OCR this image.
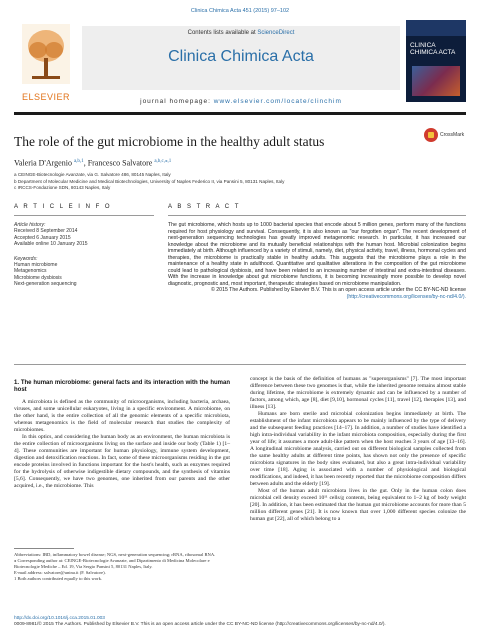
Clinica Chimica Acta 451 (2015) 97–102
ELSEVIER
Contents lists available at ScienceDirect
Clinica Chimica Acta
journal homepage: www.elsevier.com/locate/clinchim
CLINICA CHIMICA ACTA
The role of the gut microbiome in the healthy adult status	CrossMark
Valeria D'Argenio $^{a,b,1}$, Francesco Salvatore $^{a,b,c,⁎,1}$
a CEINGE-Biotecnologie Avanzate, via G. Salvatore 486, 80145 Naples, Italy
b Department of Molecular Medicine and Medical Biotechnologies, University of Naples Federico II, via Pansini 5, 80131 Naples, Italy
c IRCCS-Fondazione SDN, 80143 Naples, Italy
A R T I C L E I N F O	A B S T R A C T
Article history:
Received 8 September 2014
Accepted 6 January 2015
Available online 10 January 2015
Keywords:
Human microbiome
Metagenomics
Microbiome dysbiosis
Next-generation sequencing
The gut microbiome, which hosts up to 1000 bacterial species that encode about 5 million genes, perform many of the functions required for host physiology and survival. Consequently, it is also known as "our forgotten organ". The recent development of next-generation sequencing technologies has greatly improved metagenomic research. In particular, it has increased our knowledge about the microbiome and its mutually beneficial relationships with the human host. Microbial colonization begins immediately at birth. Although influenced by a variety of stimuli, namely, diet, physical activity, travel, illness, hormonal cycles and therapies, the microbiome is practically stable in healthy adults. This suggests that the microbiome plays a role in the maintenance of a healthy state in adulthood. Quantitative and qualitative alterations in the composition of the gut microbiome could lead to pathological dysbiosis, and have been related to an increasing number of intestinal and extra-intestinal diseases. With the increase in knowledge about gut microbiome functions, it is becoming increasingly more possible to develop novel diagnostic, prognostic and, most important, therapeutic strategies based on microbiome manipulation.
© 2015 The Authors. Published by Elsevier B.V. This is an open access article under the CC BY-NC-ND license
(http://creativecommons.org/licenses/by-nc-nd/4.0/).
1. The human microbiome: general facts and its interaction with the human host

A microbiota is defined as the community of microorganisms, including bacteria, archaea, viruses, and some unicellular eukaryotes, living in a specific environment. A microbiome, on the other hand, is the entire collection of all the genomic elements of a specific microbiota, whereas metagenomics is the field of molecular research that studies the complexity of microbiomes.

In this optics, and considering the human body as an environment, the human microbiota is the entire collection of microorganisms living on the surface and inside our body (Table 1) [1–4]. These communities are important for human physiology, immune system development, digestion and detoxification reactions. In fact, some of these microorganisms residing in the gut encode proteins involved in functions important for the host's health, such as enzymes required for the hydrolysis of otherwise indigestible dietary compounds, and the synthesis of vitamins [5,6]. Consequently, we have two genomes, one inherited from our parents and the other acquired, i.e., the microbiome. This

Abbreviations: IBD, inflammatory bowel disease; NGS, next-generation sequencing; rRNA, ribosomal RNA.
⁎ Corresponding author at: CEINGE-Biotecnologie Avanzate, and Dipartimento di Medicina Molecolare e Biotecnologie Mediche – Ed. 19, Via Sergio Pansini 5, 80131 Naples, Italy.
E-mail address: salvatore@unina.it (F. Salvatore).
1 Both authors contributed equally to this work.

concept is the basis of the definition of humans as "superorganisms" [7]. The most important difference between these two genomes is that, while the inherited genome remains almost stable during lifetime, the microbiome is extremely dynamic and can be influenced by a number of factors, among which, age [8], diet [9,10], hormonal cycles [11], travel [12], therapies [13], and illness [13].

Humans are born sterile and microbial colonization begins immediately at birth. The establishment of the infant microbiota appears to be mainly influenced by the type of delivery and the subsequent feeding practices [14–17]. In addition, a number of studies have identified a high intra-individual variability in the infant microbiota composition, especially during the first year of life; it assumes a more adult-like pattern when the host reaches 3 years of age [13–16]. A longitudinal microbiome analysis, carried out on different biological samples collected from the same healthy adults at different time points, has shown not only the presence of specific microbiota signatures in the body sites evaluated, but also a great intra-individual variability over time [18]. Aging is associated with a number of physiological and biological modifications, and indeed, it has been recently reported that the microbiome composition differs between adults and the elderly [19].

Most of the human adult microbiota lives in the gut. Only in the human colon does microbial cell density exceed 10¹¹ cells/g contents, being equivalent to 1–2 kg of body weight [20]. In addition, it has been estimated that the human gut microbiome accounts for more than 5 million different genes [21]. It is now known that over 1,000 different species colonize the human gut [22], all of which belong to a

http://dx.doi.org/10.1016/j.cca.2015.01.003
0009-8981/© 2015 The Authors. Published by Elsevier B.V. This is an open access article under the CC BY-NC-ND license (http://creativecommons.org/licenses/by-nc-nd/4.0/).
